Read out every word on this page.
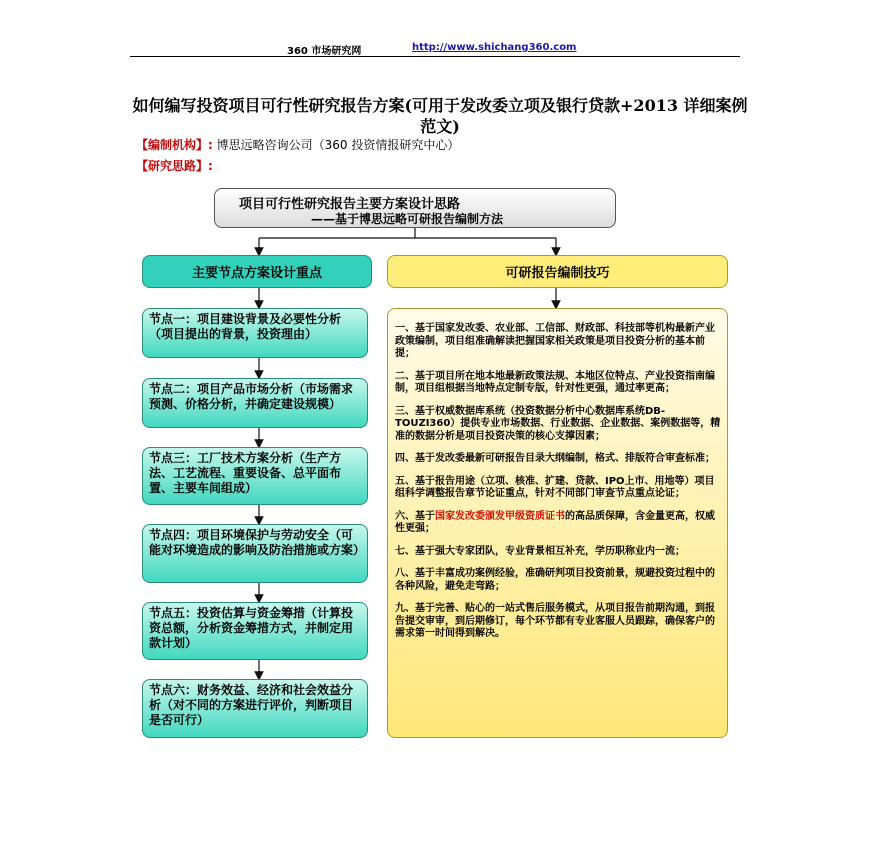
360 市场研究网	http://www.shichang360.com
如何编写投资项目可行性研究报告方案(可用于发改委立项及银行贷款+2013 详细案例范文)
【编制机构】: 博思远略咨询公司（360 投资情报研究中心）
【研究思路】:
项目可行性研究报告主要方案设计思路
——基于博思远略可研报告编制方法
主要节点方案设计重点	可研报告编制技巧
节点一：项目建设背景及必要性分析（项目提出的背景，投资理由）
节点二：项目产品市场分析（市场需求预测、价格分析，并确定建设规模）
节点三：工厂技术方案分析（生产方法、工艺流程、重要设备、总平面布置、主要车间组成）
节点四：项目环境保护与劳动安全（可能对环境造成的影响及防治措施或方案）
节点五：投资估算与资金筹措（计算投资总额，分析资金筹措方式，并制定用款计划）
节点六：财务效益、经济和社会效益分析（对不同的方案进行评价，判断项目是否可行）
一、基于国家发改委、农业部、工信部、财政部、科技部等机构最新产业政策编制，项目组准确解读把握国家相关政策是项目投资分析的基本前提；
二、基于项目所在地本地最新政策法规、本地区位特点、产业投资指南编制，项目组根据当地特点定制专版，针对性更强，通过率更高；
三、基于权威数据库系统（投资数据分析中心数据库系统DB-TOUZI360）提供专业市场数据、行业数据、企业数据、案例数据等，精准的数据分析是项目投资决策的核心支撑因素；
四、基于发改委最新可研报告目录大纲编制，格式、排版符合审查标准；
五、基于报告用途（立项、核准、扩建、贷款、IPO上市、用地等）项目组科学调整报告章节论证重点，针对不同部门审查节点重点论证；
六、基于国家发改委颁发甲级资质证书的高品质保障，含金量更高，权威性更强；
七、基于强大专家团队，专业背景相互补充，学历职称业内一流；
八、基于丰富成功案例经验，准确研判项目投资前景，规避投资过程中的各种风险，避免走弯路；
九、基于完善、贴心的一站式售后服务模式，从项目报告前期沟通，到报告提交审审，到后期修订，每个环节都有专业客服人员跟踪，确保客户的需求第一时间得到解决。
